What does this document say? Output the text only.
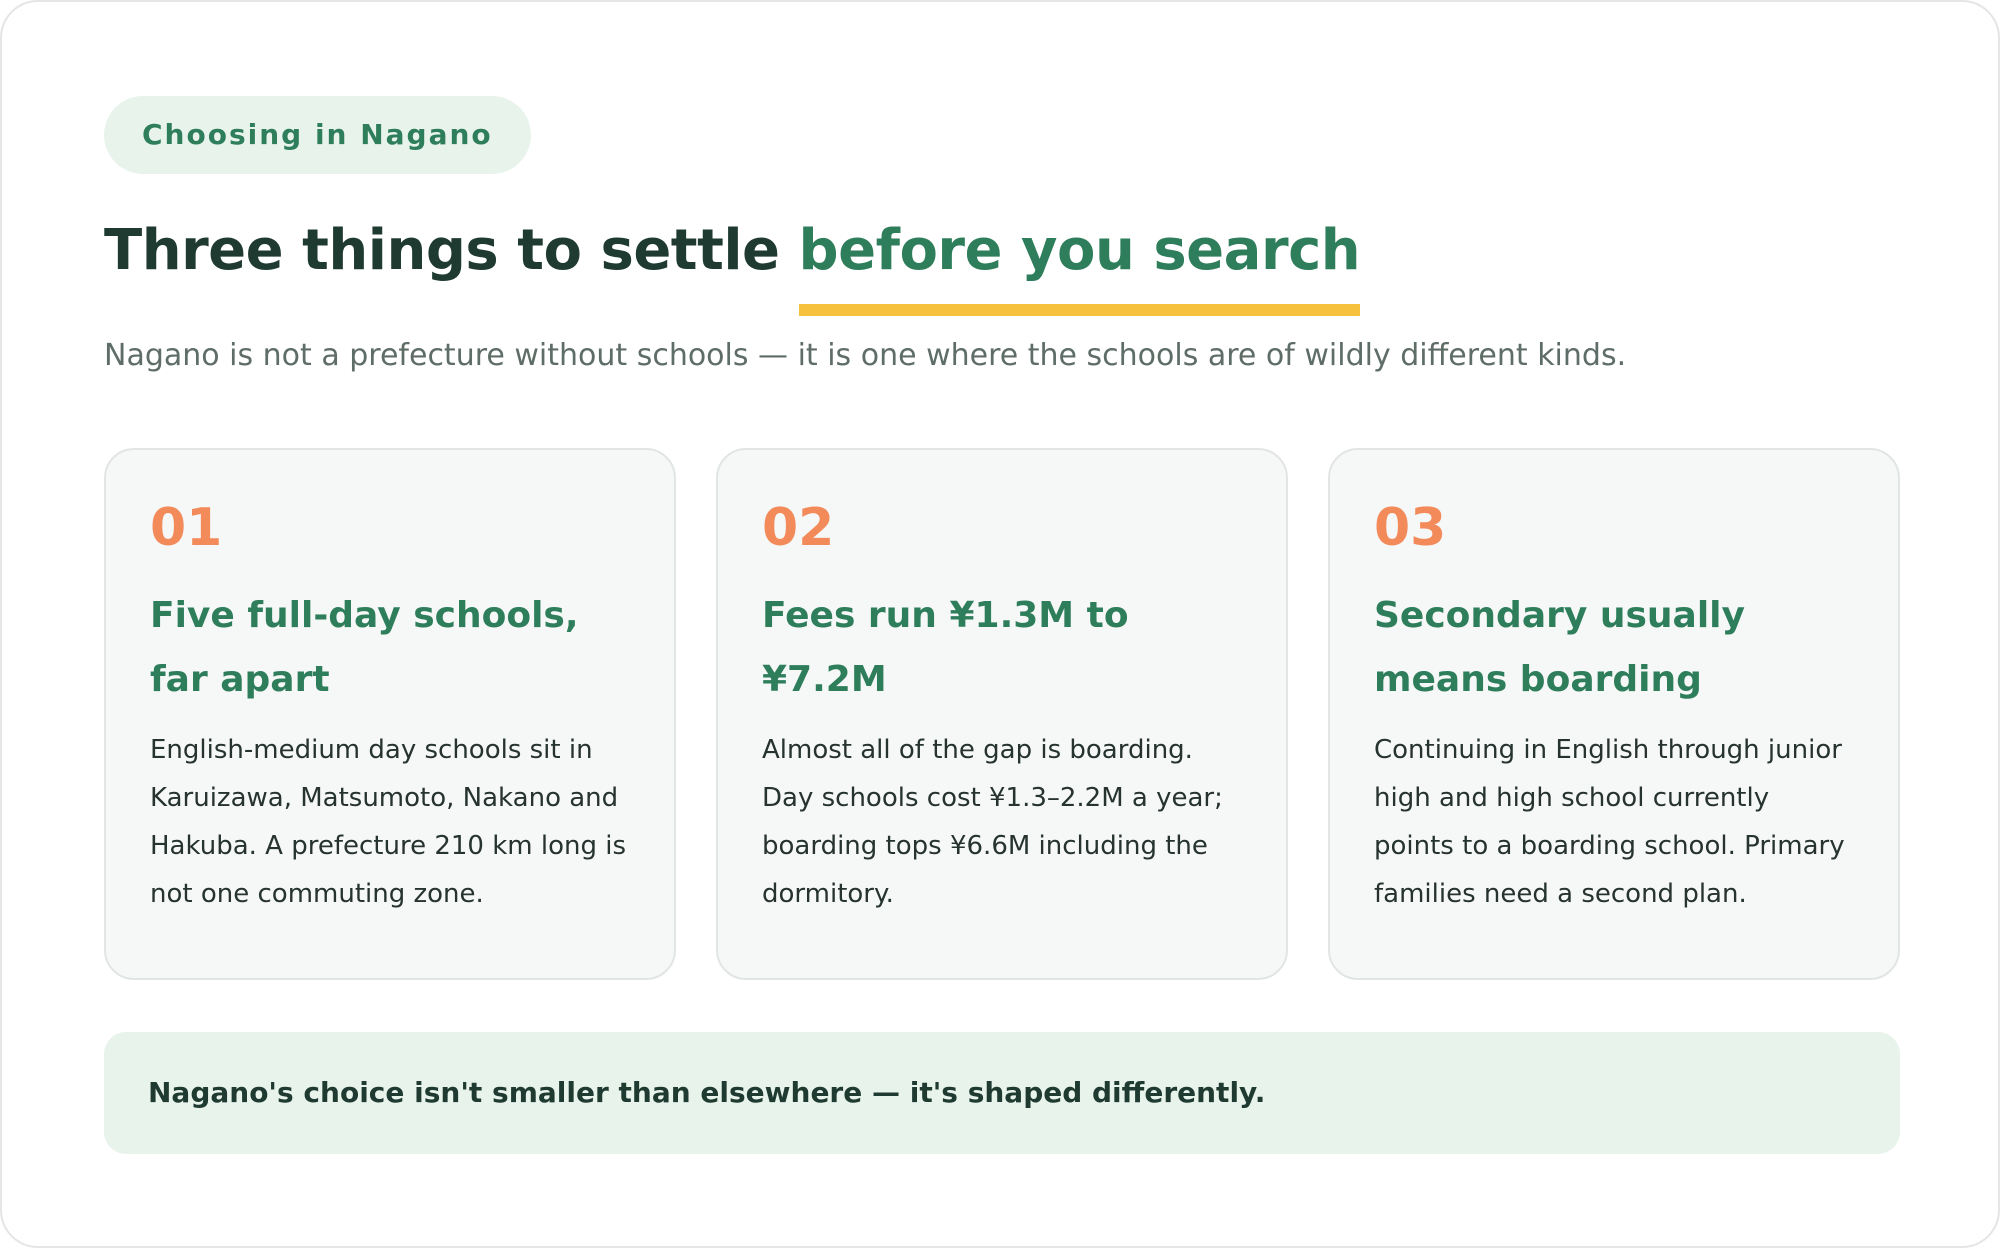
Choosing in Nagano
Three things to settle before you search
Nagano is not a prefecture without schools — it is one where the schools are of wildly different kinds.
01
Five full-day schools, far apart

English-medium day schools sit in Karuizawa, Matsumoto, Nakano and Hakuba. A prefecture 210 km long is not one commuting zone.

02
Fees run ¥1.3M to ¥7.2M

Almost all of the gap is boarding. Day schools cost ¥1.3–2.2M a year; boarding tops ¥6.6M including the dormitory.

03
Secondary usually means boarding

Continuing in English through junior high and high school currently points to a boarding school. Primary families need a second plan.

Nagano's choice isn't smaller than elsewhere — it's shaped differently.
